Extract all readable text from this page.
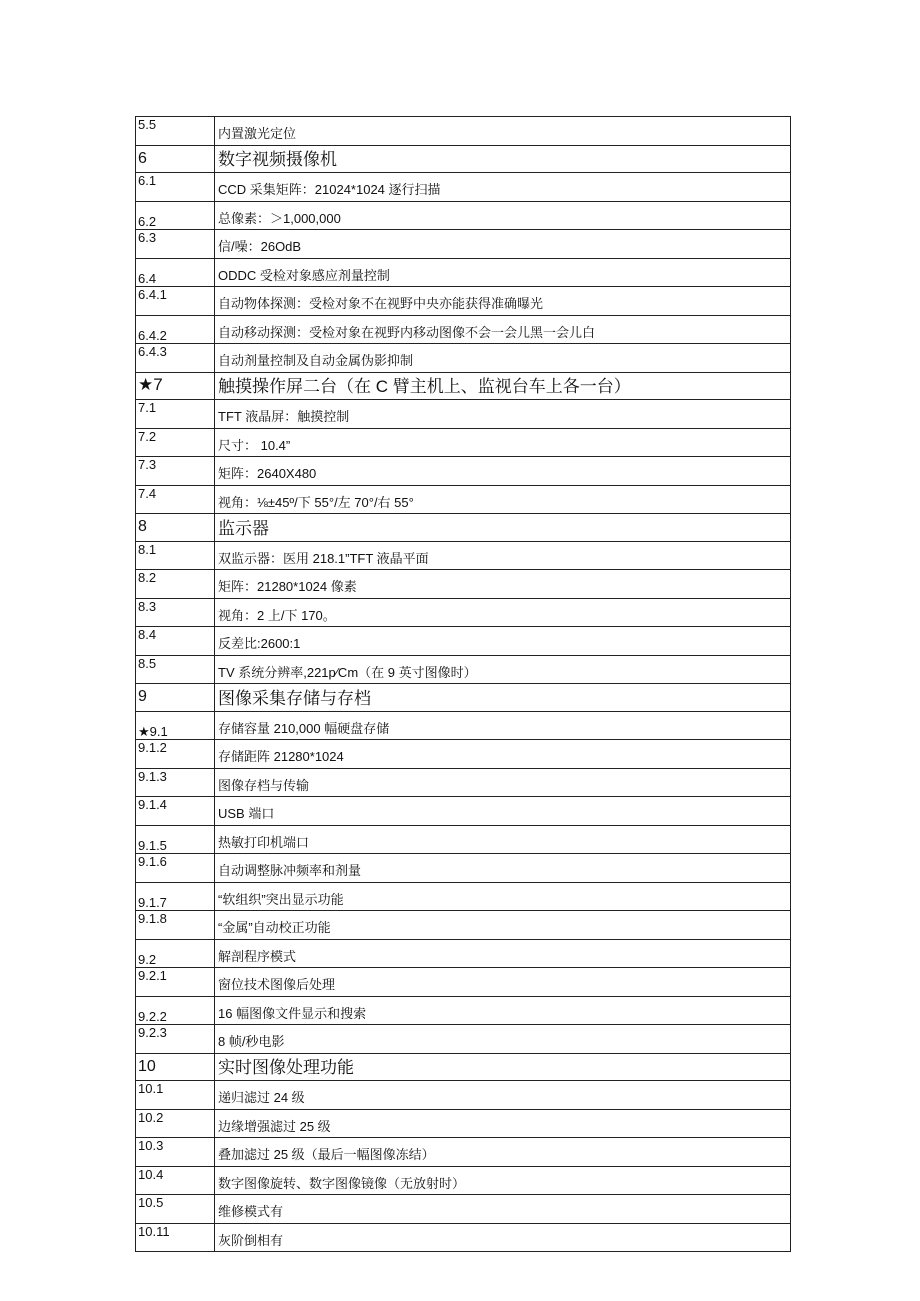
5.5	内置激光定位
6	数字视频摄像机
6.1	CCD 采集矩阵：21024*1024 逐行扫描
6.2	总像素：＞1,000,000
6.3	信/噪：26OdB
6.4	ODDC 受检对象感应剂量控制
6.4.1	自动物体探测：受检对象不在视野中央亦能获得准确曝光
6.4.2	自动移动探测：受检对象在视野内移动图像不会一会儿黑一会儿白
6.4.3	自动剂量控制及自动金属伪影抑制
★7	触摸操作屏二台（在 C 臂主机上、监视台车上各一台）
7.1	TFT 液晶屏：触摸控制
7.2	尺寸： 10.4”
7.3	矩阵：2640X480
7.4	视角：⅛±45º/下 55°/左 70°/右 55°
8	监示器
8.1	双监示器：医用 218.1”TFT 液晶平面
8.2	矩阵：21280*1024 像素
8.3	视角：2 上/下 170。
8.4	反差比:2600:1
8.5	TV 系统分辨率,221p∕Cm（在 9 英寸图像时）
9	图像采集存储与存档
★9.1	存储容量 210,000 幅硬盘存储
9.1.2	存储距阵 21280*1024
9.1.3	图像存档与传输
9.1.4	USB 端口
9.1.5	热敏打印机端口
9.1.6	自动调整脉冲频率和剂量
9.1.7	“软组织”突出显示功能
9.1.8	“金属”自动校正功能
9.2	解剖程序模式
9.2.1	窗位技术图像后处理
9.2.2	16 幅图像文件显示和搜索
9.2.3	8 帧/秒电影
10	实时图像处理功能
10.1	递归滤过 24 级
10.2	边缘增强滤过 25 级
10.3	叠加滤过 25 级（最后一幅图像冻结）
10.4	数字图像旋转、数字图像镜像（无放射时）
10.5	维修模式有
10.11	灰阶倒相有
